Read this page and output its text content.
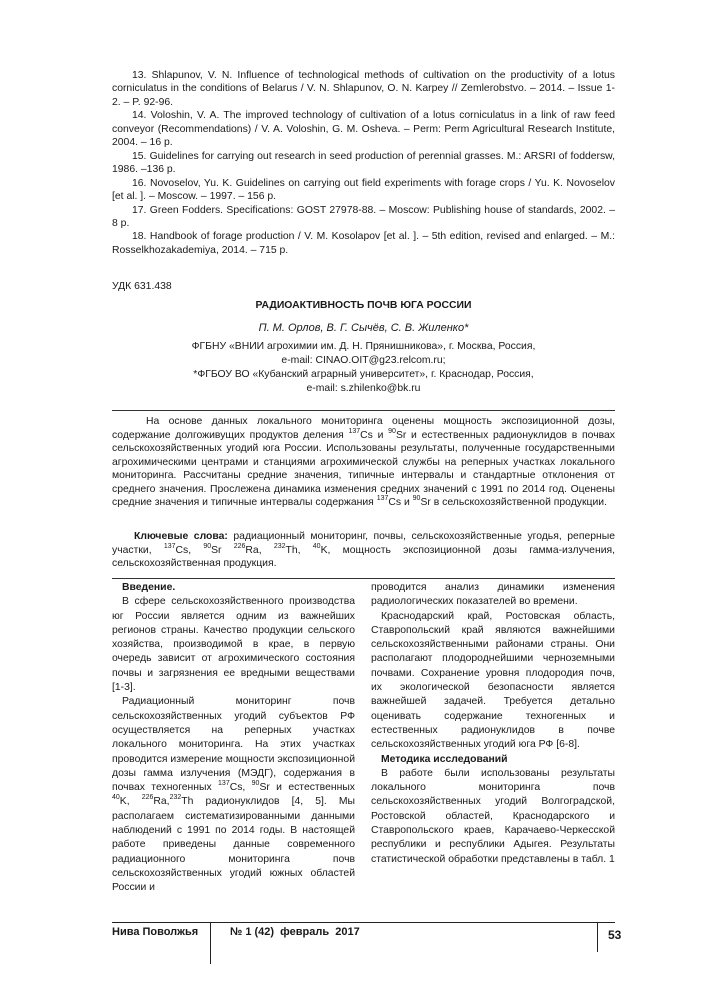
13. Shlapunov, V. N. Influence of technological methods of cultivation on the productivity of a lotus corniculatus in the conditions of Belarus / V. N. Shlapunov, O. N. Karpey // Zemlerobstvo. – 2014. – Issue 1-2. – P. 92-96.

14. Voloshin, V. A. The improved technology of cultivation of a lotus corniculatus in a link of raw feed conveyor (Recommendations) / V. A. Voloshin, G. M. Osheva. – Perm: Perm Agricultural Research Institute, 2004. – 16 p.

15. Guidelines for carrying out research in seed production of perennial grasses. M.: ARSRI of foddersw, 1986. –136 p.

16. Novoselov, Yu. K. Guidelines on carrying out field experiments with forage crops / Yu. K. Novoselov [et al. ]. – Moscow. – 1997. – 156 p.

17. Green Fodders. Specifications: GOST 27978-88. – Moscow: Publishing house of standards, 2002. – 8 p.

18. Handbook of forage production / V. M. Kosolapov [et al. ]. – 5th edition, revised and enlarged. – M.: Rosselkhozakademiya, 2014. – 715 p.

УДК 631.438
РАДИОАКТИВНОСТЬ ПОЧВ ЮГА РОССИИ
П. М. Орлов, В. Г. Сычёв, С. В. Жиленко*
ФГБНУ «ВНИИ агрохимии им. Д. Н. Прянишникова», г. Москва, Россия,
e-mail: CINAO.OIT@g23.relcom.ru;
*ФГБОУ ВО «Кубанский аграрный университет», г. Краснодар, Россия,
e-mail: s.zhilenko@bk.ru

На основе данных локального мониторинга оценены мощность экспозиционной дозы, содержание долгоживущих продуктов деления $^{137}$Cs и $^{90}$Sr и естественных радионуклидов в почвах сельскохозяйственных угодий юга России. Использованы результаты, полученные государственными агрохимическими центрами и станциями агрохимической службы на реперных участках локального мониторинга. Рассчитаны средние значения, типичные интервалы и стандартные отклонения от среднего значения. Прослежена динамика изменения средних значений с 1991 по 2014 год. Оценены средние значения и типичные интервалы содержания $^{137}$Cs и $^{90}$Sr в сельскохозяйственной продукции.

Ключевые слова: радиационный мониторинг, почвы, сельскохозяйственные угодья, реперные участки, $^{137}$Cs, $^{90}$Sr $^{226}$Ra, $^{232}$Th, $^{40}$K, мощность экспозиционной дозы гамма-излучения, сельскохозяйственная продукция.

Введение.

В сфере сельскохозяйственного производства юг России является одним из важнейших регионов страны. Качество продукции сельского хозяйства, производимой в крае, в первую очередь зависит от агрохимического состояния почвы и загрязнения ее вредными веществами [1-3].

Радиационный мониторинг почв сельскохозяйственных угодий субъектов РФ осуществляется на реперных участках локального мониторинга. На этих участках проводится измерение мощности экспозиционной дозы гамма излучения (МЭДГ), содержания в почвах техногенных $^{137}$Cs, $^{90}$Sr и естественных $^{40}$K, $^{226}$Ra,$^{232}$Th радионуклидов [4, 5]. Мы располагаем систематизированными данными наблюдений с 1991 по 2014 годы. В настоящей работе приведены данные современного радиационного мониторинга почв сельскохозяйственных угодий южных областей России и

проводится анализ динамики изменения радиологических показателей во времени.

Краснодарский край, Ростовская область, Ставропольский край являются важнейшими сельскохозяйственными районами страны. Они располагают плодороднейшими черноземными почвами. Сохранение уровня плодородия почв, их экологической безопасности является важнейшей задачей. Требуется детально оценивать содержание техногенных и естественных радионуклидов в почве сельскохозяйственных угодий юга РФ [6-8].

Методика исследований

В работе были использованы результаты локального мониторинга почв сельскохозяйственных угодий Волгоградской, Ростовской областей, Краснодарского и Ставропольского краев, Карачаево-Черкесской республики и республики Адыгея. Результаты статистической обработки представлены в табл. 1

Нива Поволжья	№ 1 (42)  февраль  2017	53
